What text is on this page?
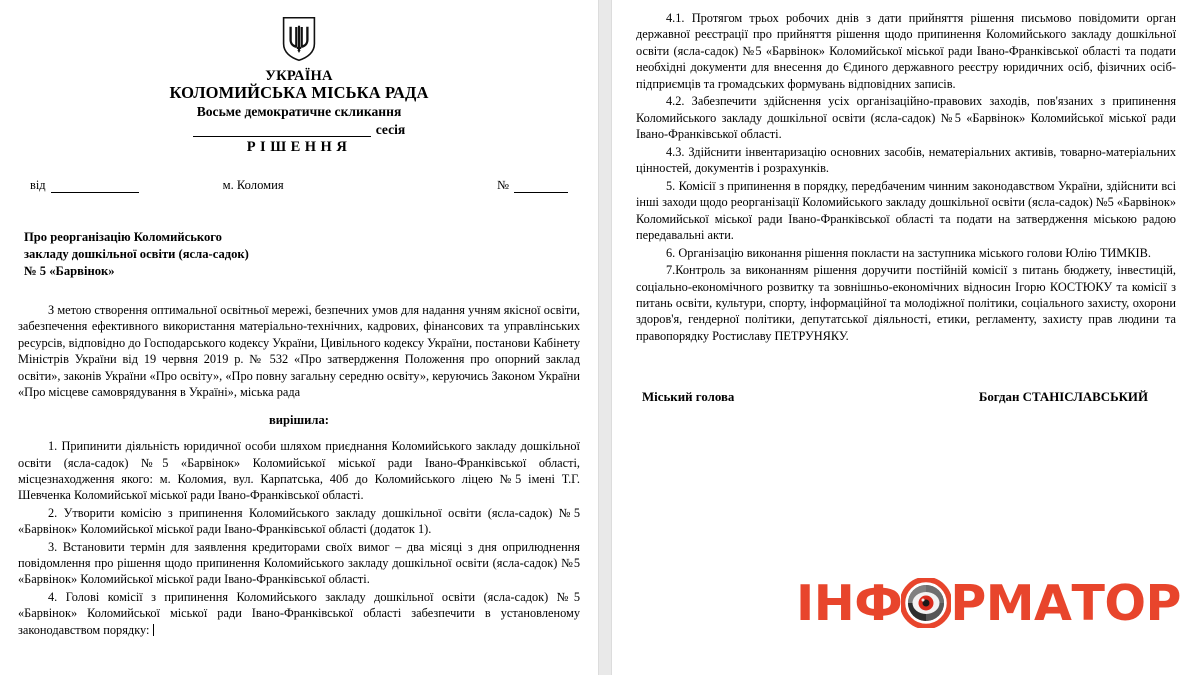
УКРАЇНА
КОЛОМИЙСЬКА МІСЬКА РАДА
Восьме демократичне скликання
сесія
РІШЕННЯ
від	м. Коломия	№
Про реорганізацію Коломийського закладу дошкільної освіти (ясла-садок) № 5 «Барвінок»

З метою створення оптимальної освітньої мережі, безпечних умов для надання учням якісної освіти, забезпечення ефективного використання матеріально-технічних, кадрових, фінансових та управлінських ресурсів, відповідно до Господарського кодексу України, Цивільного кодексу України, постанови Кабінету Міністрів України від 19 червня 2019 р. № 532 «Про затвердження Положення про опорний заклад освіти», законів України «Про освіту», «Про повну загальну середню освіту», керуючись Законом України «Про місцеве самоврядування в Україні», міська рада

вирішила:

1. Припинити діяльність юридичної особи шляхом приєднання Коломийського закладу дошкільної освіти (ясла-садок) №5 «Барвінок» Коломийської міської ради Івано-Франківської області, місцезнаходження якого: м. Коломия, вул. Карпатська, 40б до Коломийського ліцею №5 імені Т.Г. Шевченка Коломийської міської ради Івано-Франківської області.

2. Утворити комісію з припинення Коломийського закладу дошкільної освіти (ясла-садок) №5 «Барвінок» Коломийської міської ради Івано-Франківської області (додаток 1).

3. Встановити термін для заявлення кредиторами своїх вимог – два місяці з дня оприлюднення повідомлення про рішення щодо припинення Коломийського закладу дошкільної освіти (ясла-садок) №5 «Барвінок» Коломийської міської ради Івано-Франківської області.

4. Голові комісії з припинення Коломийського закладу дошкільної освіти (ясла-садок) №5 «Барвінок» Коломийської міської ради Івано-Франківської області забезпечити в установленому законодавством порядку:

4.1. Протягом трьох робочих днів з дати прийняття рішення письмово повідомити орган державної реєстрації про прийняття рішення щодо припинення Коломийського закладу дошкільної освіти (ясла-садок) №5 «Барвінок» Коломийської міської ради Івано-Франківської області та подати необхідні документи для внесення до Єдиного державного реєстру юридичних осіб, фізичних осіб-підприємців та громадських формувань відповідних записів.

4.2. Забезпечити здійснення усіх організаційно-правових заходів, пов'язаних з припинення Коломийського закладу дошкільної освіти (ясла-садок) №5 «Барвінок» Коломийської міської ради Івано-Франківської області.

4.3. Здійснити інвентаризацію основних засобів, нематеріальних активів, товарно-матеріальних цінностей, документів і розрахунків.

5. Комісії з припинення в порядку, передбаченим чинним законодавством України, здійснити всі інші заходи щодо реорганізації Коломийського закладу дошкільної освіти (ясла-садок) №5 «Барвінок» Коломийської міської ради Івано-Франківської області та подати на затвердження міською радою передавальні акти.

6. Організацію виконання рішення покласти на заступника міського голови Юлію ТИМКІВ.

7.Контроль за виконанням рішення доручити постійній комісії з питань бюджету, інвестицій, соціально-економічного розвитку та зовнішньо-економічних відносин Ігорю КОСТЮКУ та комісії з питань освіти, культури, спорту, інформаційної та молодіжної політики, соціального захисту, охорони здоров'я, гендерної політики, депутатської діяльності, етики, регламенту, захисту прав людини та правопорядку Ростиславу ПЕТРУНЯКУ.

Міський голова	Богдан СТАНІСЛАВСЬКИЙ
ІНФ РМАТОР
